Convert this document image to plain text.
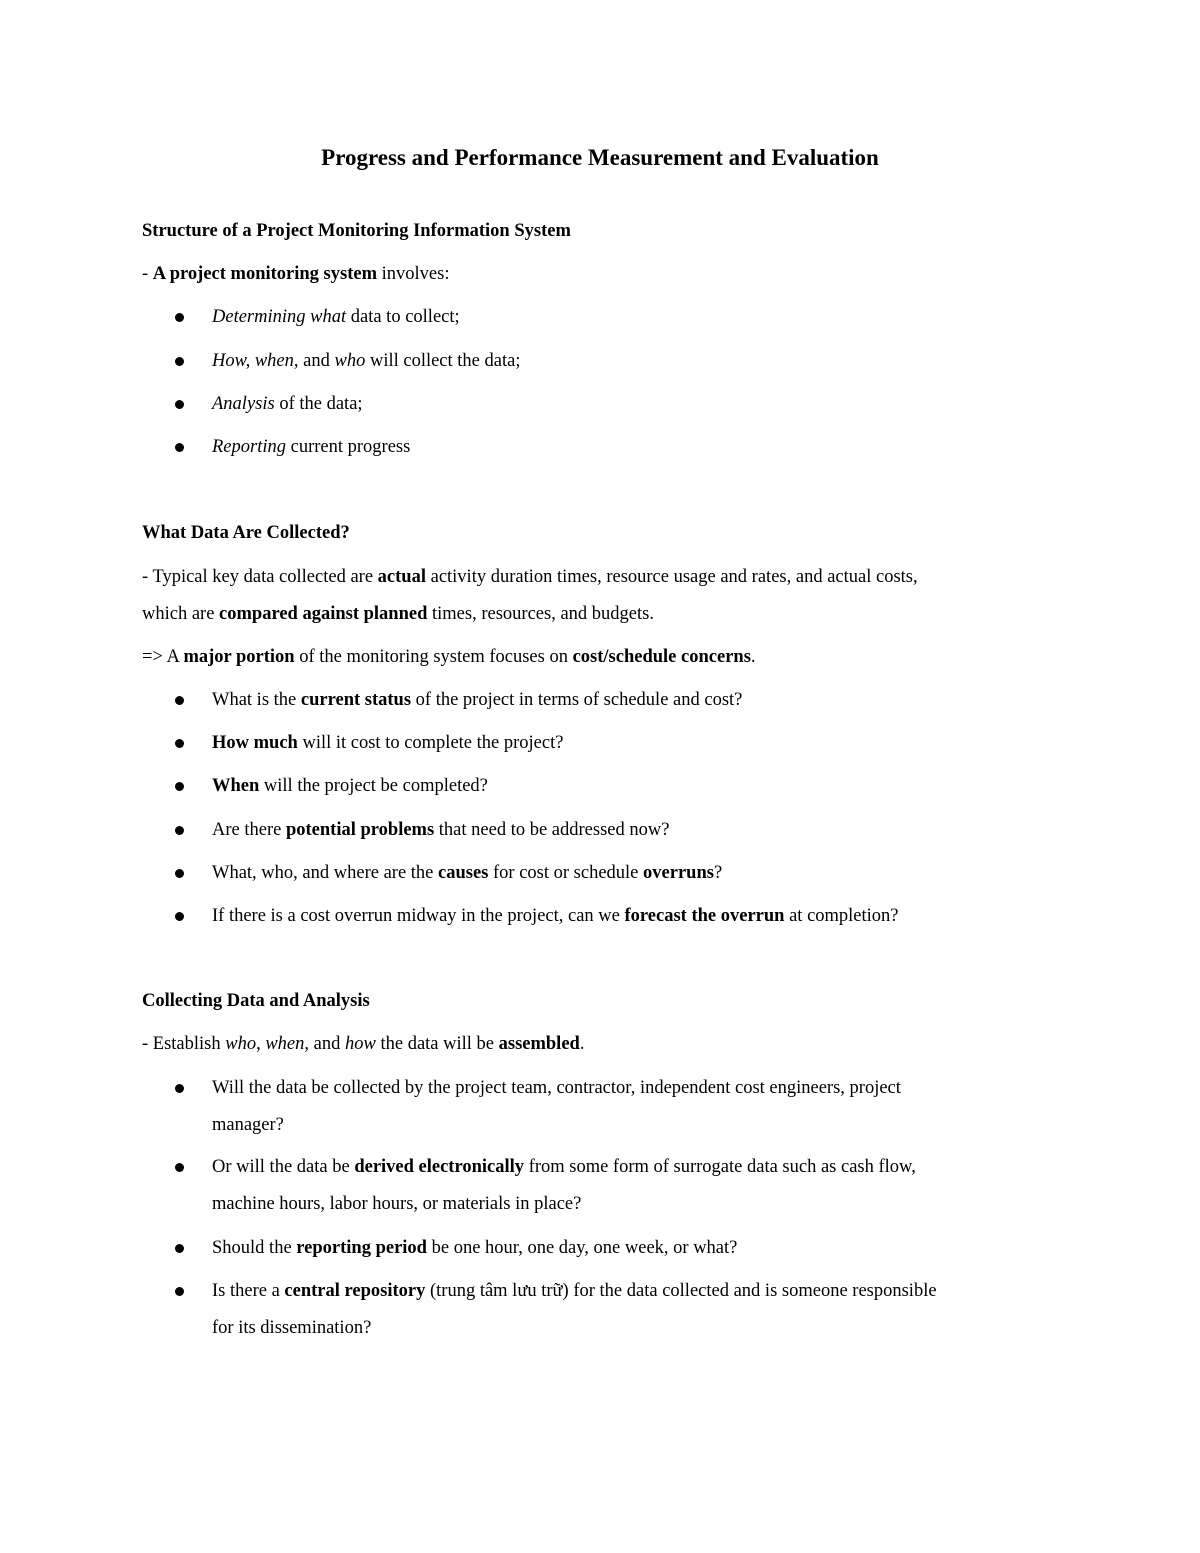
Progress and Performance Measurement and Evaluation

Structure of a Project Monitoring Information System

- A project monitoring system involves:

Determining what data to collect;
How, when, and who will collect the data;
Analysis of the data;
Reporting current progress

What Data Are Collected?

- Typical key data collected are actual activity duration times, resource usage and rates, and actual costs,

which are compared against planned times, resources, and budgets.

=> A major portion of the monitoring system focuses on cost/schedule concerns.

What is the current status of the project in terms of schedule and cost?
How much will it cost to complete the project?
When will the project be completed?
Are there potential problems that need to be addressed now?
What, who, and where are the causes for cost or schedule overruns?
If there is a cost overrun midway in the project, can we forecast the overrun at completion?

Collecting Data and Analysis

- Establish who, when, and how the data will be assembled.

Will the data be collected by the project team, contractor, independent cost engineers, project
manager?
Or will the data be derived electronically from some form of surrogate data such as cash flow,
machine hours, labor hours, or materials in place?
Should the reporting period be one hour, one day, one week, or what?
Is there a central repository (trung tâm lưu trữ) for the data collected and is someone responsible
for its dissemination?
